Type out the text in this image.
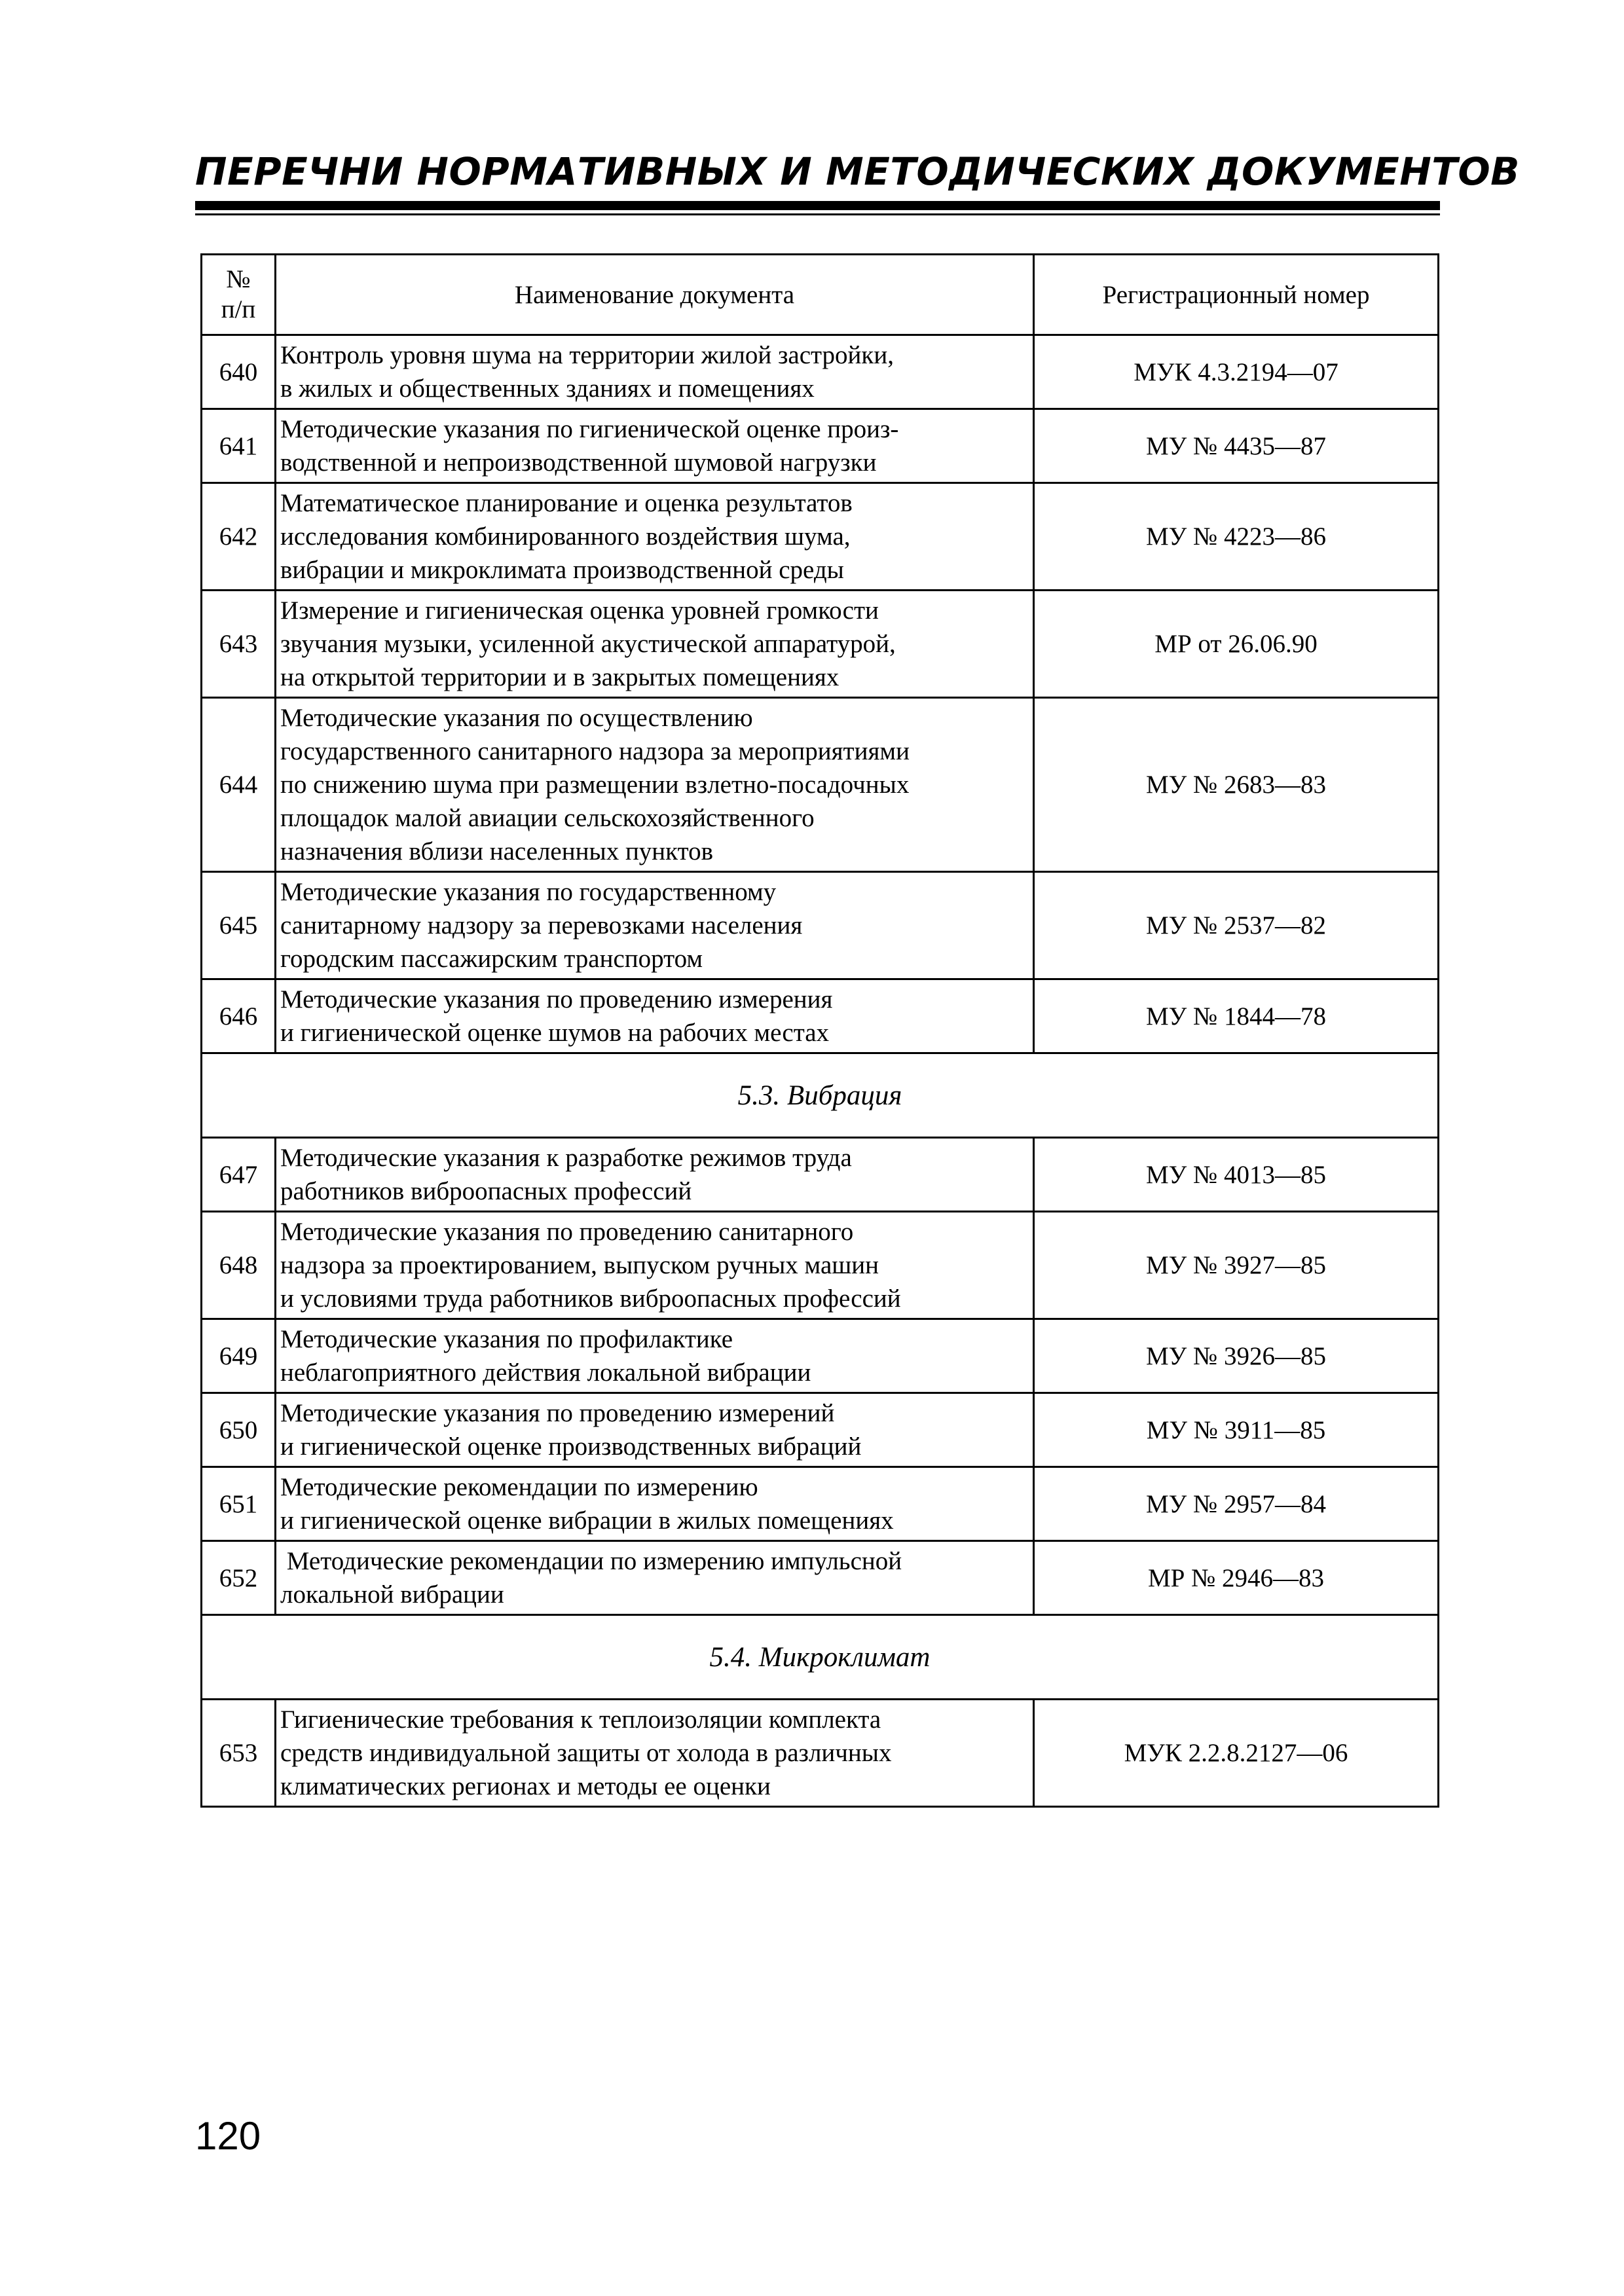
ПЕРЕЧНИ НОРМАТИВНЫХ И МЕТОДИЧЕСКИХ ДОКУМЕНТОВ
№
п/п	Наименование документа	Регистрационный номер
640	Контроль уровня шума на территории жилой застройки,
в жилых и общественных зданиях и помещениях	МУК 4.3.2194—07
641	Методические указания по гигиенической оценке произ-
водственной и непроизводственной шумовой нагрузки	МУ № 4435—87
642	Математическое планирование и оценка результатов
исследования комбинированного воздействия шума,
вибрации и микроклимата производственной среды	МУ № 4223—86
643	Измерение и гигиеническая оценка уровней громкости
звучания музыки, усиленной акустической аппаратурой,
на открытой территории и в закрытых помещениях	МР от 26.06.90
644	Методические указания по осуществлению
государственного санитарного надзора за мероприятиями
по снижению шума при размещении взлетно-посадочных
площадок малой авиации сельскохозяйственного
назначения вблизи населенных пунктов	МУ № 2683—83
645	Методические указания по государственному
санитарному надзору за перевозками населения
городским пассажирским транспортом	МУ № 2537—82
646	Методические указания по проведению измерения
и гигиенической оценке шумов на рабочих местах	МУ № 1844—78
5.3. Вибрация		
647	Методические указания к разработке режимов труда
работников виброопасных профессий	МУ № 4013—85
648	Методические указания по проведению санитарного
надзора за проектированием, выпуском ручных машин
и условиями труда работников виброопасных профессий	МУ № 3927—85
649	Методические указания по профилактике
неблагоприятного действия локальной вибрации	МУ № 3926—85
650	Методические указания по проведению измерений
и гигиенической оценке производственных вибраций	МУ № 3911—85
651	Методические рекомендации по измерению
и гигиенической оценке вибрации в жилых помещениях	МУ № 2957—84
652	Методические рекомендации по измерению импульсной
локальной вибрации	МР № 2946—83
5.4. Микроклимат		
653	Гигиенические требования к теплоизоляции комплекта
средств индивидуальной защиты от холода в различных
климатических регионах и методы ее оценки	МУК 2.2.8.2127—06
120
